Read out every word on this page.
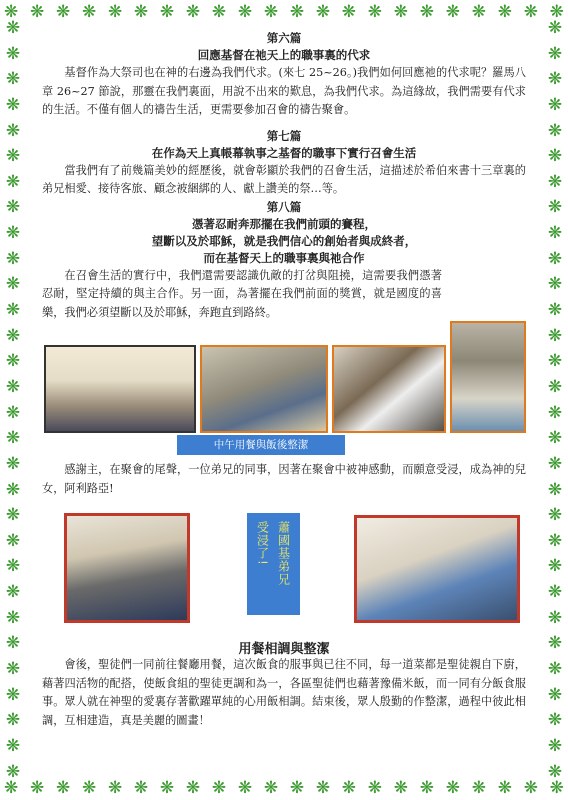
❋ ❋ ❋ ❋ ❋ ❋ ❋ ❋ ❋ ❋ ❋ ❋ ❋ ❋ ❋ ❋ ❋ ❋ ❋ ❋ ❋ ❋
❋ ❋ ❋ ❋ ❋ ❋ ❋ ❋ ❋ ❋ ❋ ❋ ❋ ❋ ❋ ❋ ❋ ❋ ❋ ❋ ❋ ❋
❋
❋
❋
❋
❋
❋
❋
❋
❋
❋
❋
❋
❋
❋
❋
❋
❋
❋
❋
❋
❋
❋
❋
❋
❋
❋
❋
❋
❋
❋
❋
❋
❋
❋
❋
❋
❋
❋
❋
❋
❋
❋
❋
❋
❋
❋
❋
❋
❋
❋
❋
❋
❋
❋
❋
❋
❋
❋
❋
❋

第六篇

回應基督在祂天上的職事裏的代求

基督作為大祭司也在神的右邊為我們代求。(來七 25~26。)我們如何回應祂的代求呢？羅馬八章 26~27 節說，那靈在我們裏面，用說不出來的歎息，為我們代求。為這緣故，我們需要有代求的生活。不僅有個人的禱告生活，更需要參加召會的禱告聚會。

第七篇

在作為天上真帳幕執事之基督的職事下實行召會生活

當我們有了前幾篇美妙的經歷後，就會彰顯於我們的召會生活，這描述於希伯來書十三章裏的弟兄相愛、接待客旅、顧念被綑綁的人、獻上讚美的祭…等。

第八篇

憑著忍耐奔那擺在我們前頭的賽程，

望斷以及於耶穌，就是我們信心的創始者與成終者，

而在基督天上的職事裏與祂合作

在召會生活的實行中，我們還需要認識仇敵的打岔與阻撓，這需要我們憑著忍耐，堅定持續的與主合作。另一面，為著擺在我們前面的獎賞，就是國度的喜樂，我們必須望斷以及於耶穌，奔跑直到路終。

中午用餐與飯後整潔

感謝主，在聚會的尾聲，一位弟兄的同事，因著在聚會中被神感動，而願意受浸，成為神的兒女，阿利路亞!

蕭國基弟兄
受浸了!
用餐相調與整潔

會後，聖徒們一同前往餐廳用餐，這次飯食的服事與已往不同，每一道菜都是聖徒親自下廚，藉著四活物的配搭，使飯食組的聖徒更調和為一，各區聖徒們也藉著豫備米飯，而一同有分飯食服事。眾人就在神聖的愛裏存著歡躍單純的心用飯相調。結束後，眾人殷勤的作整潔，過程中彼此相調，互相建造，真是美麗的圖畫！
